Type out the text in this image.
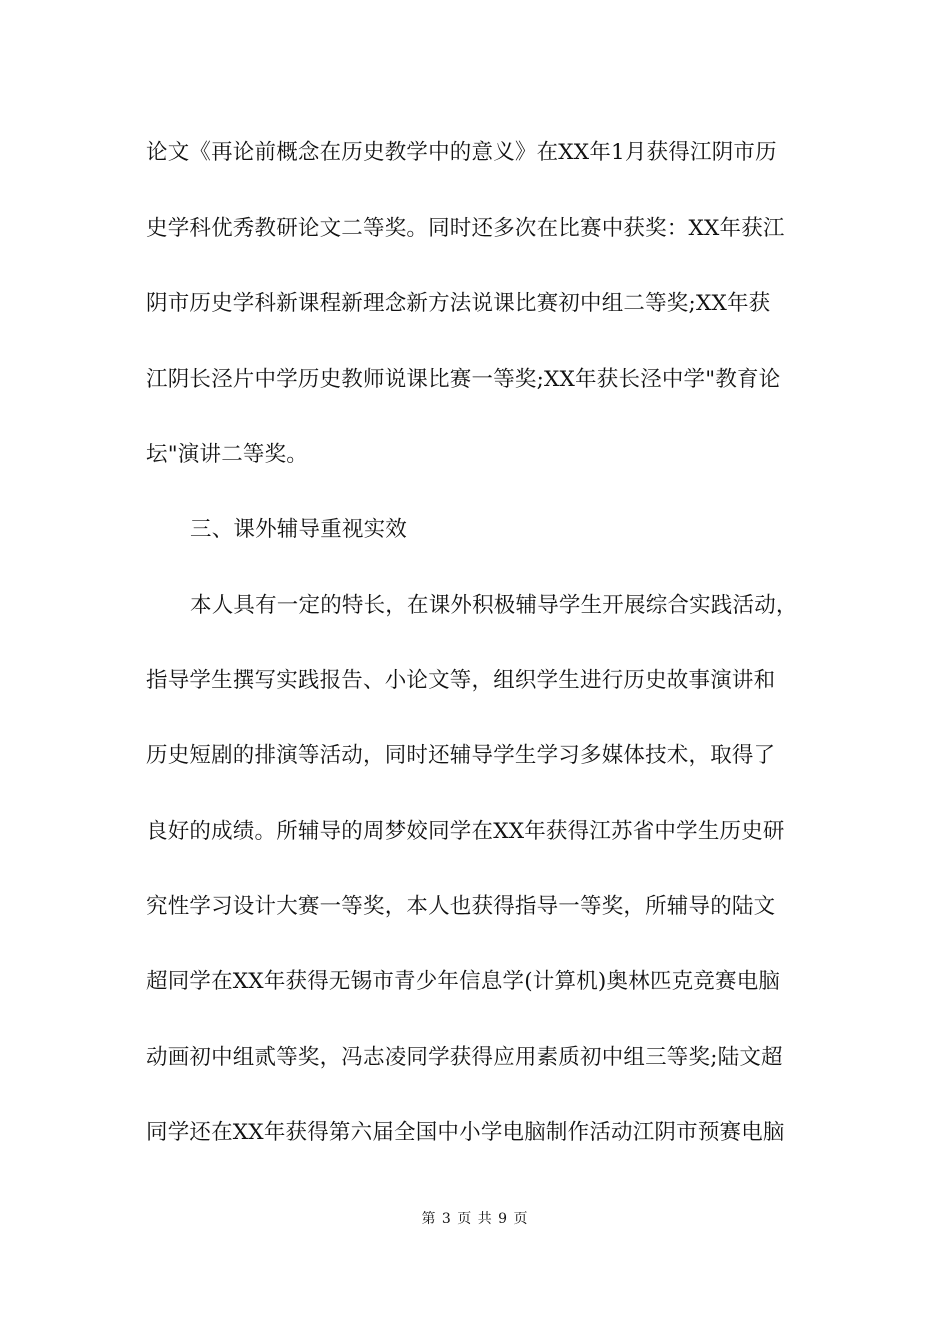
论文《再论前概念在历史教学中的意义》在XX年1月获得江阴市历
史学科优秀教研论文二等奖。同时还多次在比赛中获奖：XX年获江
阴市历史学科新课程新理念新方法说课比赛初中组二等奖;XX年获
江阴长泾片中学历史教师说课比赛一等奖;XX年获长泾中学"教育论
坛"演讲二等奖。
三、课外辅导重视实效
本人具有一定的特长，在课外积极辅导学生开展综合实践活动，
指导学生撰写实践报告、小论文等，组织学生进行历史故事演讲和
历史短剧的排演等活动，同时还辅导学生学习多媒体技术，取得了
良好的成绩。所辅导的周梦姣同学在XX年获得江苏省中学生历史研
究性学习设计大赛一等奖，本人也获得指导一等奖，所辅导的陆文
超同学在XX年获得无锡市青少年信息学(计算机)奥林匹克竞赛电脑
动画初中组贰等奖，冯志凌同学获得应用素质初中组三等奖;陆文超
同学还在XX年获得第六届全国中小学电脑制作活动江阴市预赛电脑
第 3 页 共 9 页
